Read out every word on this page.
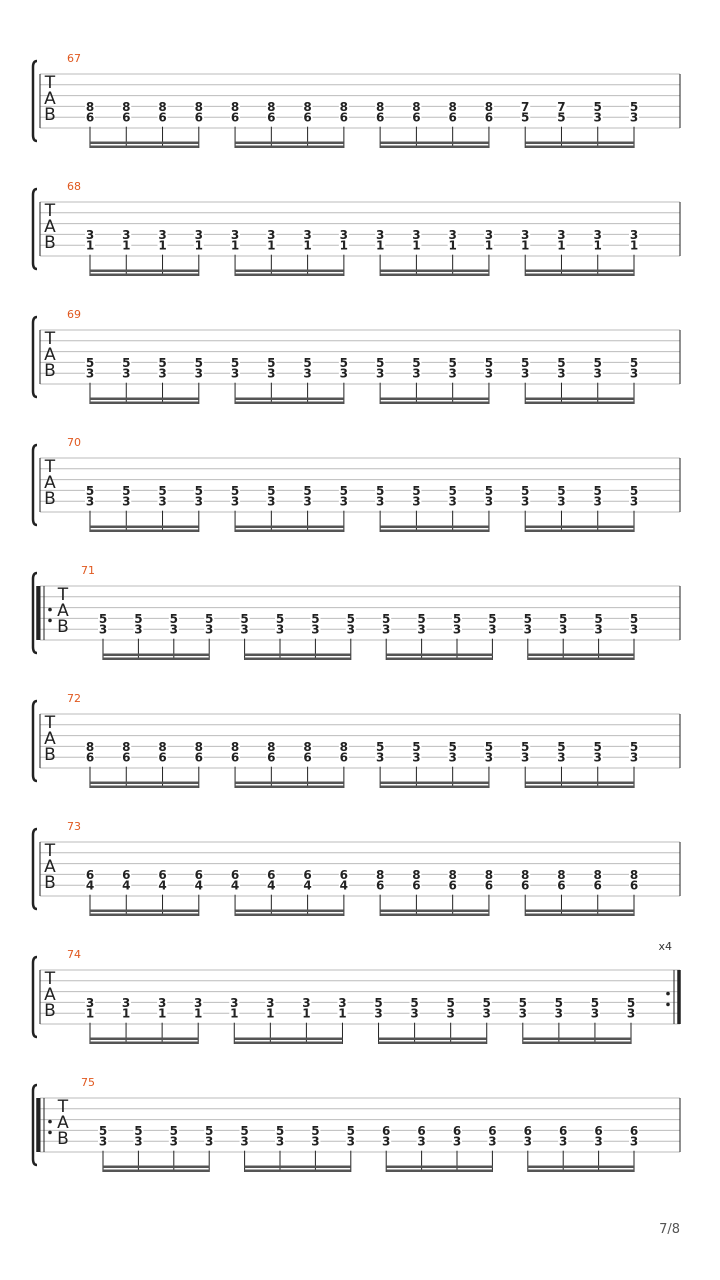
T
A
B
67
8
6
8
6
8
6
8
6
8
6
8
6
8
6
8
6
8
6
8
6
8
6
8
6
7
5
7
5
5
3
5
3
T
A
B
68
3
1
3
1
3
1
3
1
3
1
3
1
3
1
3
1
3
1
3
1
3
1
3
1
3
1
3
1
3
1
3
1
T
A
B
69
5
3
5
3
5
3
5
3
5
3
5
3
5
3
5
3
5
3
5
3
5
3
5
3
5
3
5
3
5
3
5
3
T
A
B
70
5
3
5
3
5
3
5
3
5
3
5
3
5
3
5
3
5
3
5
3
5
3
5
3
5
3
5
3
5
3
5
3
T
A
B
71
5
3
5
3
5
3
5
3
5
3
5
3
5
3
5
3
5
3
5
3
5
3
5
3
5
3
5
3
5
3
5
3
T
A
B
72
8
6
8
6
8
6
8
6
8
6
8
6
8
6
8
6
5
3
5
3
5
3
5
3
5
3
5
3
5
3
5
3
T
A
B
73
6
4
6
4
6
4
6
4
6
4
6
4
6
4
6
4
8
6
8
6
8
6
8
6
8
6
8
6
8
6
8
6
T
A
B
74
x4
3
1
3
1
3
1
3
1
3
1
3
1
3
1
3
1
5
3
5
3
5
3
5
3
5
3
5
3
5
3
5
3
T
A
B
75
5
3
5
3
5
3
5
3
5
3
5
3
5
3
5
3
6
3
6
3
6
3
6
3
6
3
6
3
6
3
6
3
7/8
